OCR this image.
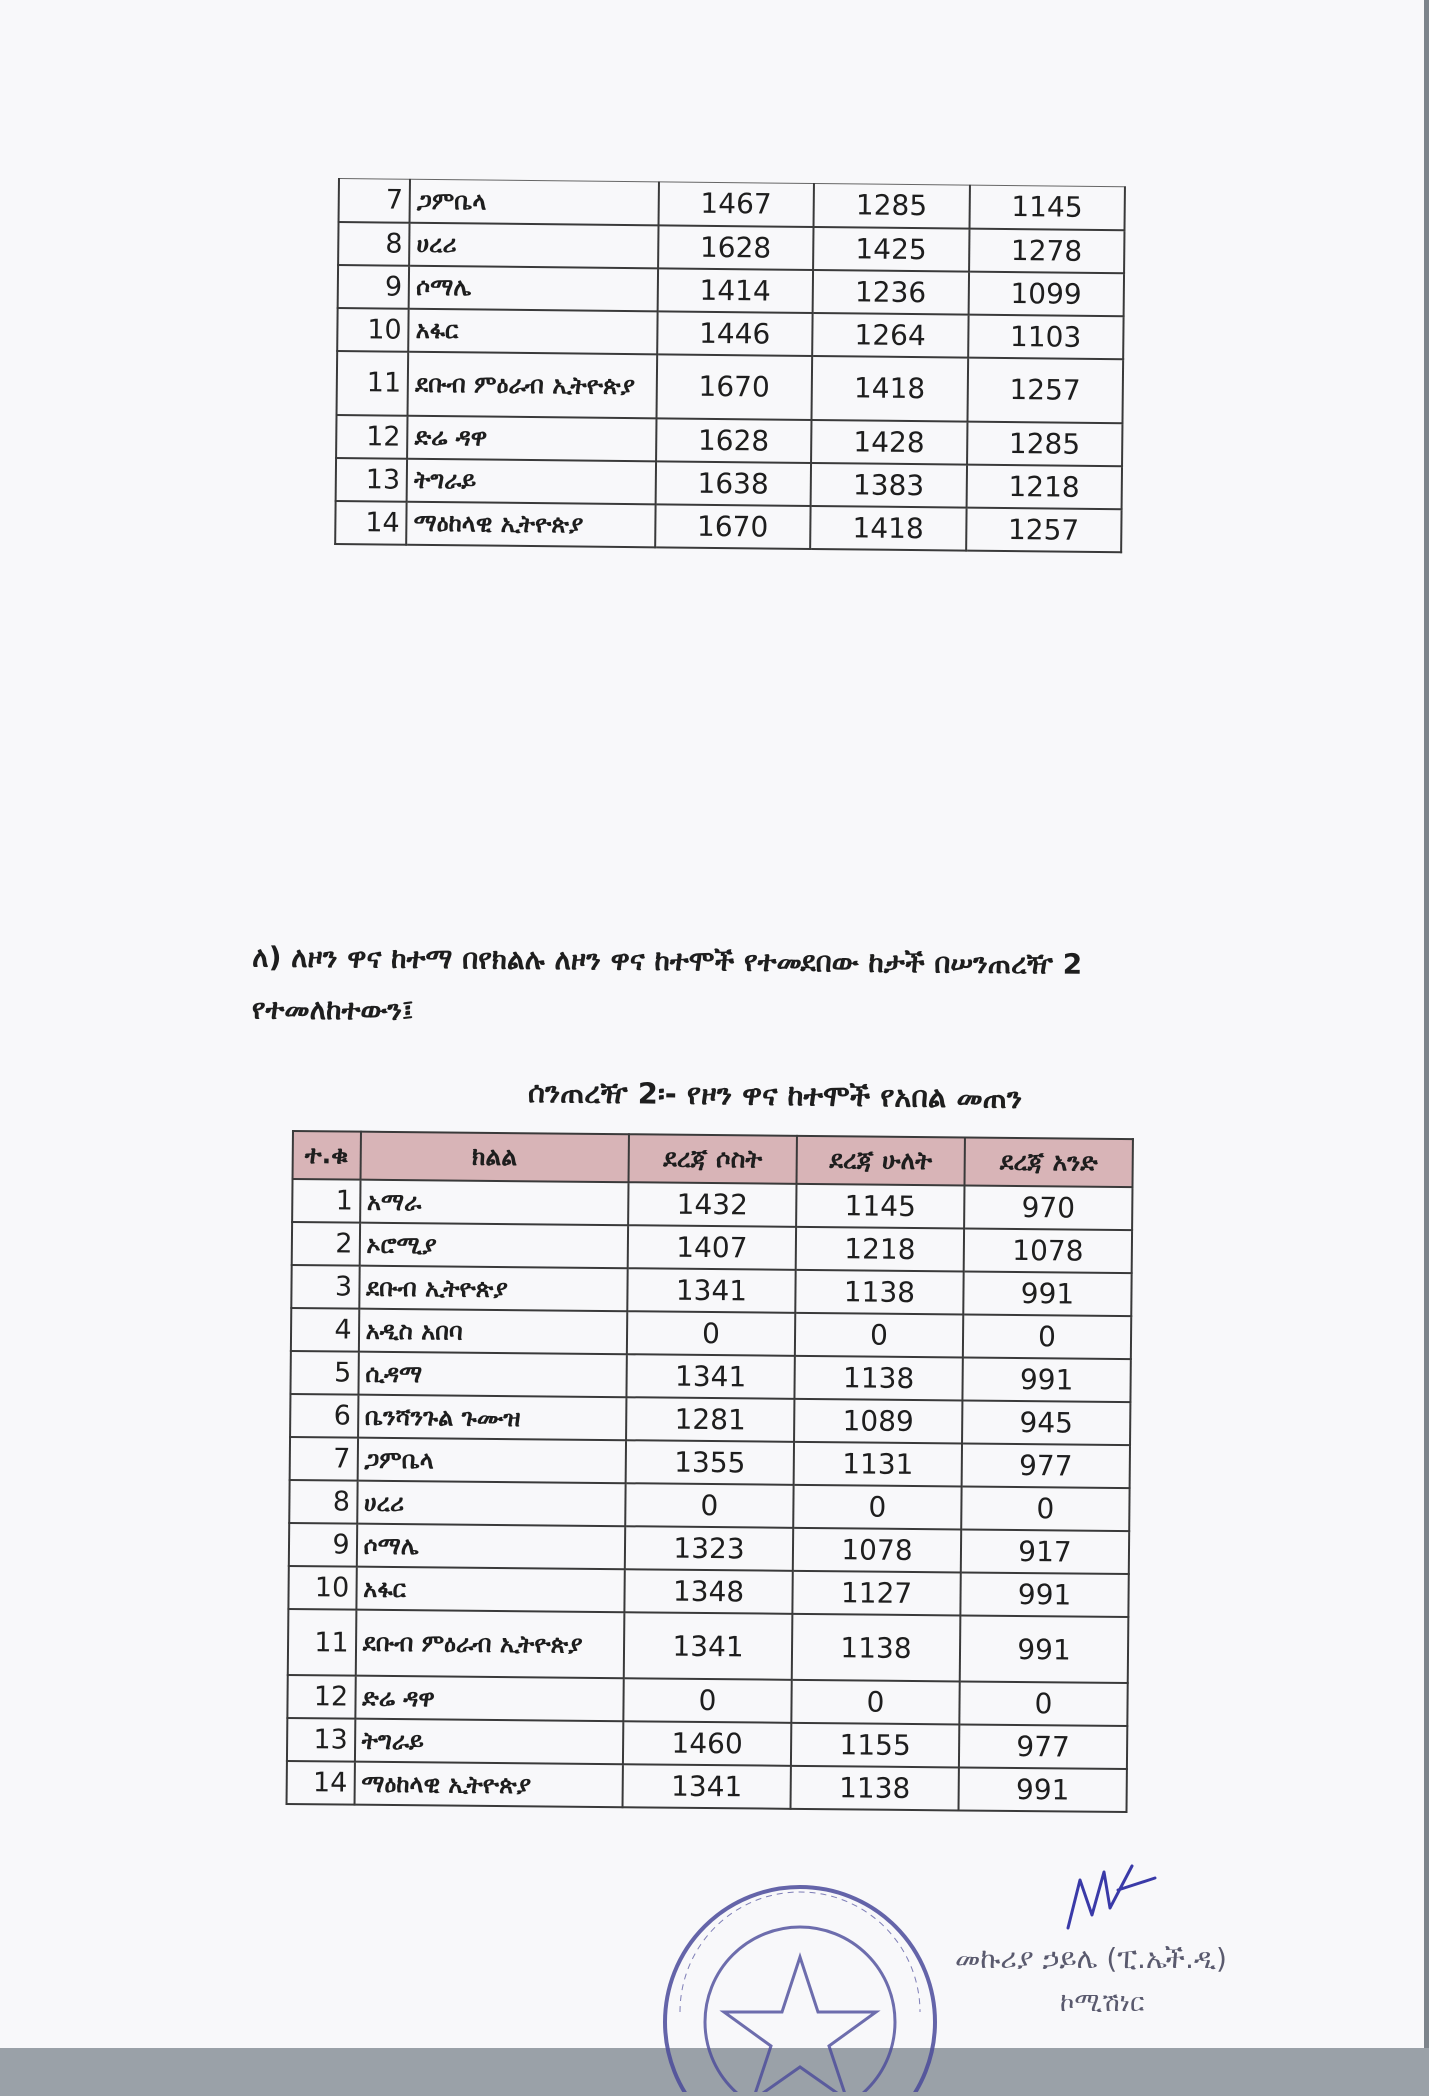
7	ጋምቤላ	1467	1285	1145
8	ሀረሪ	1628	1425	1278
9	ሶማሌ	1414	1236	1099
10	አፋር	1446	1264	1103
11	ደቡብ ምዕራብ ኢትዮጵያ	1670	1418	1257
12	ድሬ ዳዋ	1628	1428	1285
13	ትግራይ	1638	1383	1218
14	ማዕከላዊ ኢትዮጵያ	1670	1418	1257
ለ) ለዞን ዋና ከተማ በየክልሉ ለዞን ዋና ከተሞች የተመደበው ከታች በሠንጠረዥ 2
የተመለከተውን፤
ሰንጠረዥ 2፡- የዞን ዋና ከተሞች የአበል መጠን
ተ.ቁ	ክልል	ደረጃ ሶስት	ደረጃ ሁለት	ደረጃ አንድ
1	አማራ	1432	1145	970
2	ኦሮሚያ	1407	1218	1078
3	ደቡብ ኢትዮጵያ	1341	1138	991
4	አዲስ አበባ	0	0	0
5	ሲዳማ	1341	1138	991
6	ቤንሻንጉል ጉሙዝ	1281	1089	945
7	ጋምቤላ	1355	1131	977
8	ሀረሪ	0	0	0
9	ሶማሌ	1323	1078	917
10	አፋር	1348	1127	991
11	ደቡብ ምዕራብ ኢትዮጵያ	1341	1138	991
12	ድሬ ዳዋ	0	0	0
13	ትግራይ	1460	1155	977
14	ማዕከላዊ ኢትዮጵያ	1341	1138	991
መኩሪያ ኃይሌ (ፒ.ኤች.ዲ)
ኮሚሽነር
